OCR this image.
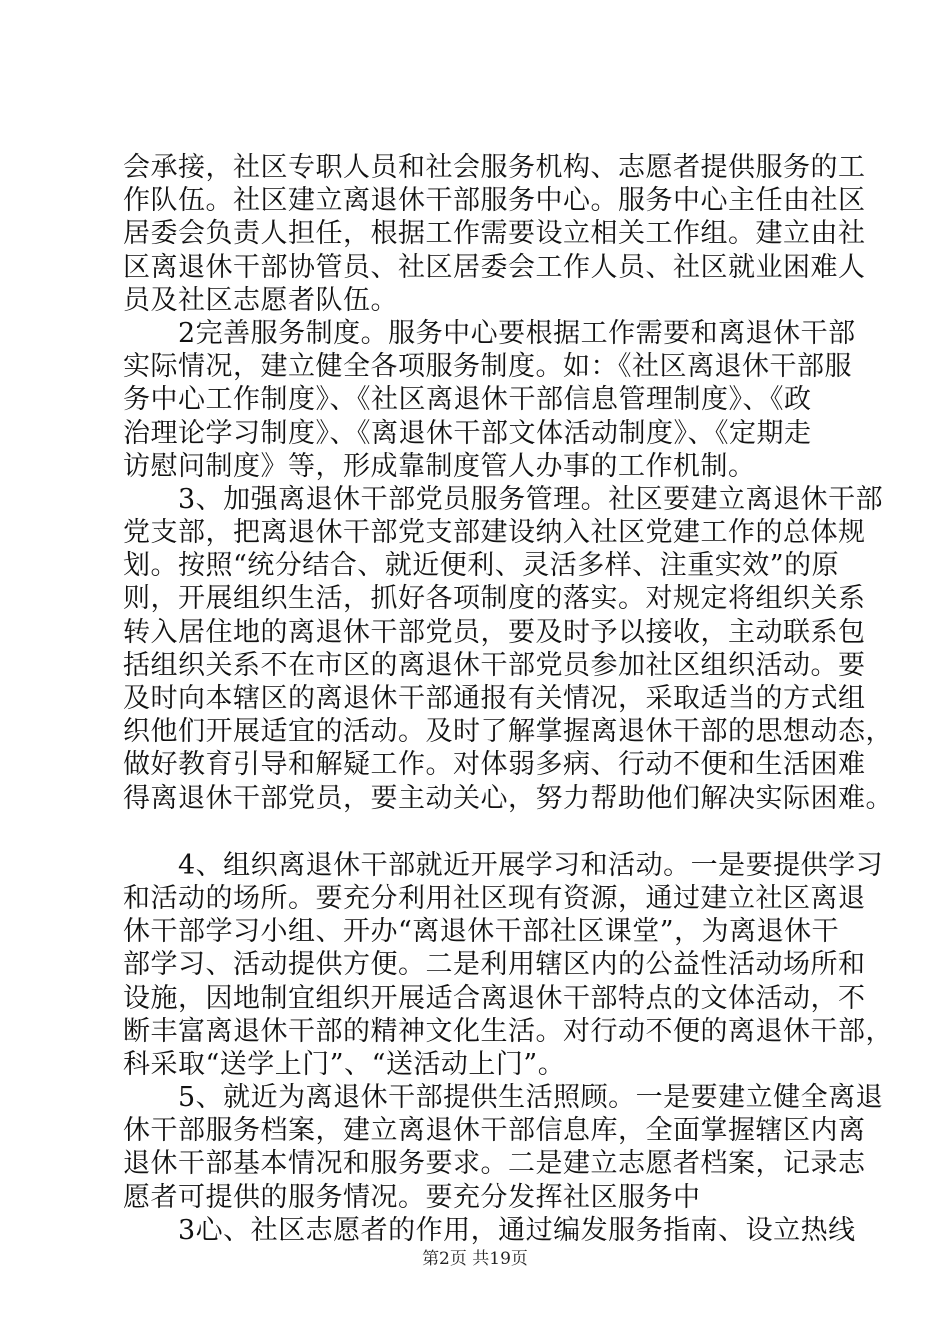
会承接，社区专职人员和社会服务机构、志愿者提供服务的工
作队伍。社区建立离退休干部服务中心。服务中心主任由社区
居委会负责人担任，根据工作需要设立相关工作组。建立由社
区离退休干部协管员、社区居委会工作人员、社区就业困难人
员及社区志愿者队伍。
　　2完善服务制度。服务中心要根据工作需要和离退休干部
实际情况，建立健全各项服务制度。如：《社区离退休干部服
务中心工作制度》、《社区离退休干部信息管理制度》、《政
治理论学习制度》、《离退休干部文体活动制度》、《定期走
访慰问制度》等，形成靠制度管人办事的工作机制。
　　3、加强离退休干部党员服务管理。社区要建立离退休干部
党支部，把离退休干部党支部建设纳入社区党建工作的总体规
划。按照“统分结合、就近便利、灵活多样、注重实效”的原
则，开展组织生活，抓好各项制度的落实。对规定将组织关系
转入居住地的离退休干部党员，要及时予以接收，主动联系包
括组织关系不在市区的离退休干部党员参加社区组织活动。要
及时向本辖区的离退休干部通报有关情况，采取适当的方式组
织他们开展适宜的活动。及时了解掌握离退休干部的思想动态，
做好教育引导和解疑工作。对体弱多病、行动不便和生活困难
得离退休干部党员，要主动关心，努力帮助他们解决实际困难。
　　4、组织离退休干部就近开展学习和活动。一是要提供学习
和活动的场所。要充分利用社区现有资源，通过建立社区离退
休干部学习小组、开办“离退休干部社区课堂”，为离退休干
部学习、活动提供方便。二是利用辖区内的公益性活动场所和
设施，因地制宜组织开展适合离退休干部特点的文体活动，不
断丰富离退休干部的精神文化生活。对行动不便的离退休干部，
科采取“送学上门”、“送活动上门”。
　　5、就近为离退休干部提供生活照顾。一是要建立健全离退
休干部服务档案，建立离退休干部信息库，全面掌握辖区内离
退休干部基本情况和服务要求。二是建立志愿者档案，记录志
愿者可提供的服务情况。要充分发挥社区服务中
　　3心、社区志愿者的作用，通过编发服务指南、设立热线
第2页 共19页
